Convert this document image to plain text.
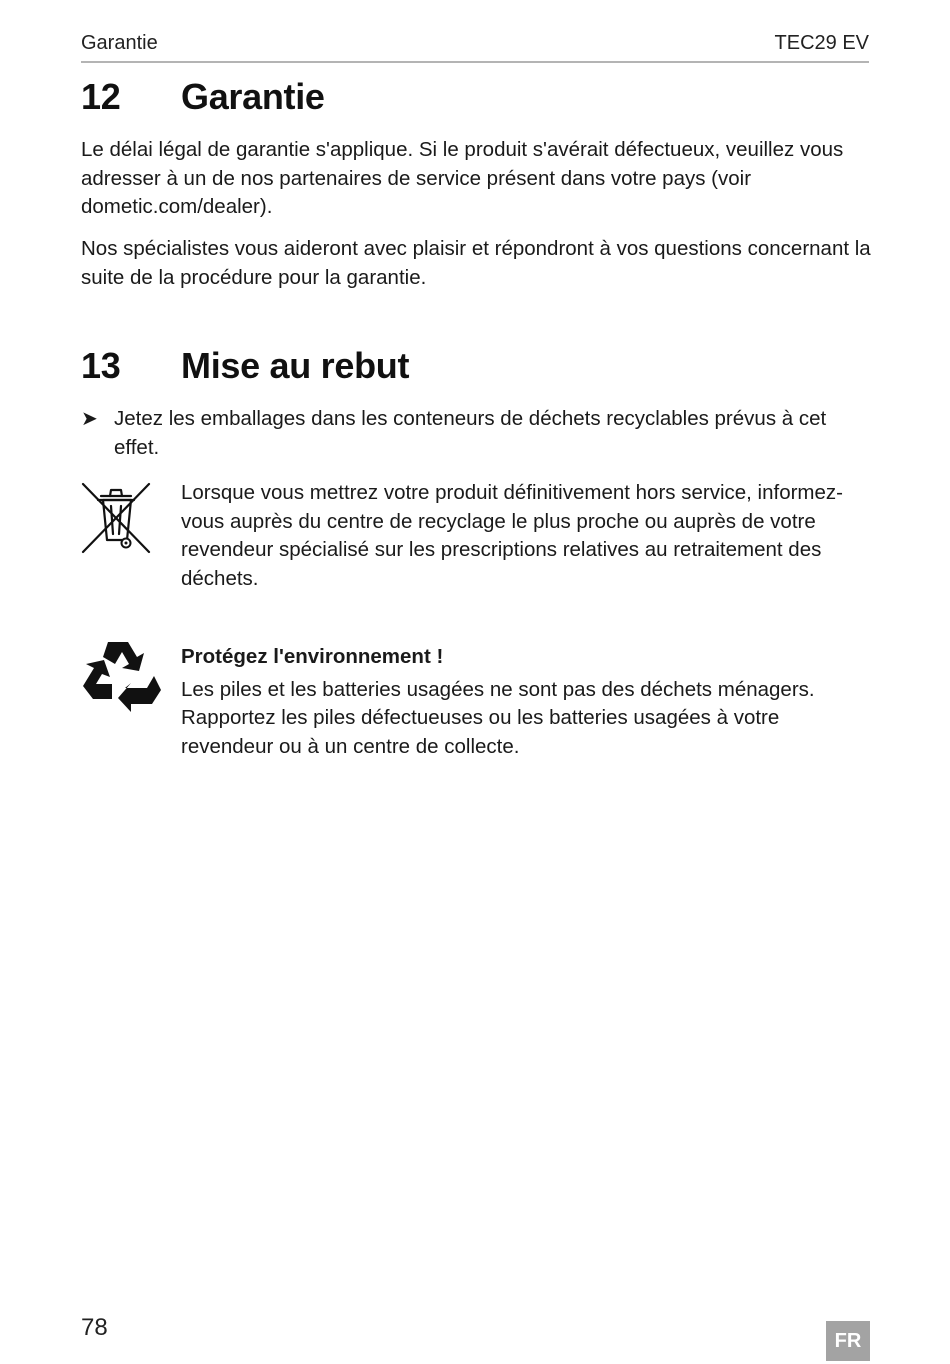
Garantie	TEC29 EV
12 Garantie

Le délai légal de garantie s'applique. Si le produit s'avérait défectueux, veuillez vous adresser à un de nos partenaires de service présent dans votre pays (voir dometic.com/dealer).

Nos spécialistes vous aideront avec plaisir et répondront à vos questions concernant la suite de la procédure pour la garantie.

13 Mise au rebut
➤ Jetez les emballages dans les conteneurs de déchets recyclables prévus à cet effet.

Lorsque vous mettrez votre produit définitivement hors service, informez-vous auprès du centre de recyclage le plus proche ou auprès de votre revendeur spécialisé sur les prescriptions relatives au retraitement des déchets.

Protégez l'environnement !
Les piles et les batteries usagées ne sont pas des déchets ménagers. Rapportez les piles défectueuses ou les batteries usagées à votre revendeur ou à un centre de collecte.
78	FR
